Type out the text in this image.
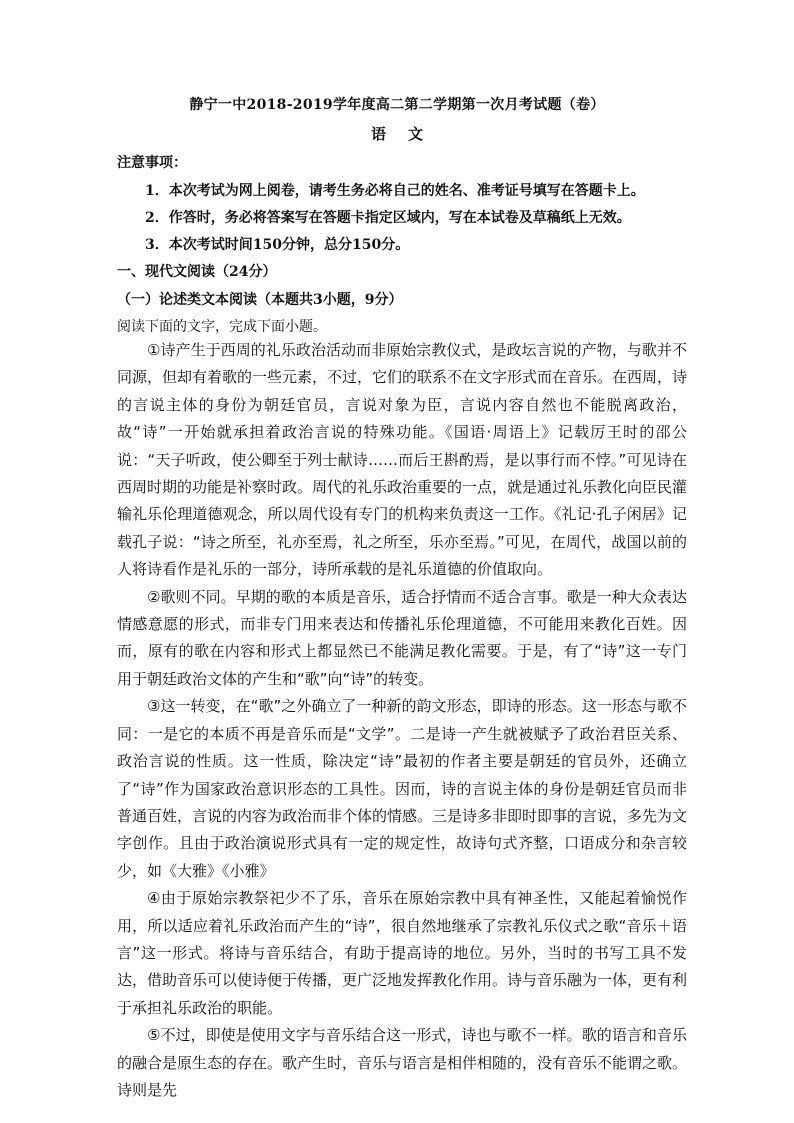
静宁一中2018-2019学年度高二第二学期第一次月考试题（卷）
语文
注意事项：
1．本次考试为网上阅卷，请考生务必将自己的姓名、准考证号填写在答题卡上。
2．作答时，务必将答案写在答题卡指定区域内，写在本试卷及草稿纸上无效。
3．本次考试时间150分钟，总分150分。
一、现代文阅读（24分）
（一）论述类文本阅读（本题共3小题，9分）
阅读下面的文字，完成下面小题。

①诗产生于西周的礼乐政治活动而非原始宗教仪式，是政坛言说的产物，与歌并不同源，但却有着歌的一些元素，不过，它们的联系不在文字形式而在音乐。在西周，诗的言说主体的身份为朝廷官员，言说对象为臣，言说内容自然也不能脱离政治，故“诗”一开始就承担着政治言说的特殊功能。《国语·周语上》记载厉王时的邵公说：“天子听政，使公卿至于列士献诗……而后王斟酌焉，是以事行而不悖。”可见诗在西周时期的功能是补察时政。周代的礼乐政治重要的一点，就是通过礼乐教化向臣民灌输礼乐伦理道德观念，所以周代设有专门的机构来负责这一工作。《礼记·孔子闲居》记载孔子说：“诗之所至，礼亦至焉，礼之所至，乐亦至焉。”可见，在周代，战国以前的人将诗看作是礼乐的一部分，诗所承载的是礼乐道德的价值取向。

②歌则不同。早期的歌的本质是音乐，适合抒情而不适合言事。歌是一种大众表达情感意愿的形式，而非专门用来表达和传播礼乐伦理道德，不可能用来教化百姓。因而，原有的歌在内容和形式上都显然已不能满足教化需要。于是，有了“诗”这一专门用于朝廷政治文体的产生和“歌”向“诗”的转变。

③这一转变，在“歌”之外确立了一种新的韵文形态，即诗的形态。这一形态与歌不同：一是它的本质不再是音乐而是“文学”。二是诗一产生就被赋予了政治君臣关系、政治言说的性质。这一性质，除决定“诗”最初的作者主要是朝廷的官员外，还确立了“诗”作为国家政治意识形态的工具性。因而，诗的言说主体的身份是朝廷官员而非普通百姓，言说的内容为政治而非个体的情感。三是诗多非即时即事的言说，多先为文字创作。且由于政治演说形式具有一定的规定性，故诗句式齐整，口语成分和杂言较少，如《大雅》《小雅》

④由于原始宗教祭祀少不了乐，音乐在原始宗教中具有神圣性，又能起着愉悦作用，所以适应着礼乐政治而产生的“诗”，很自然地继承了宗教礼乐仪式之歌“音乐＋语言”这一形式。将诗与音乐结合，有助于提高诗的地位。另外，当时的书写工具不发达，借助音乐可以使诗便于传播，更广泛地发挥教化作用。诗与音乐融为一体，更有利于承担礼乐政治的职能。

⑤不过，即使是使用文字与音乐结合这一形式，诗也与歌不一样。歌的语言和音乐的融合是原生态的存在。歌产生时，音乐与语言是相伴相随的，没有音乐不能谓之歌。诗则是先
